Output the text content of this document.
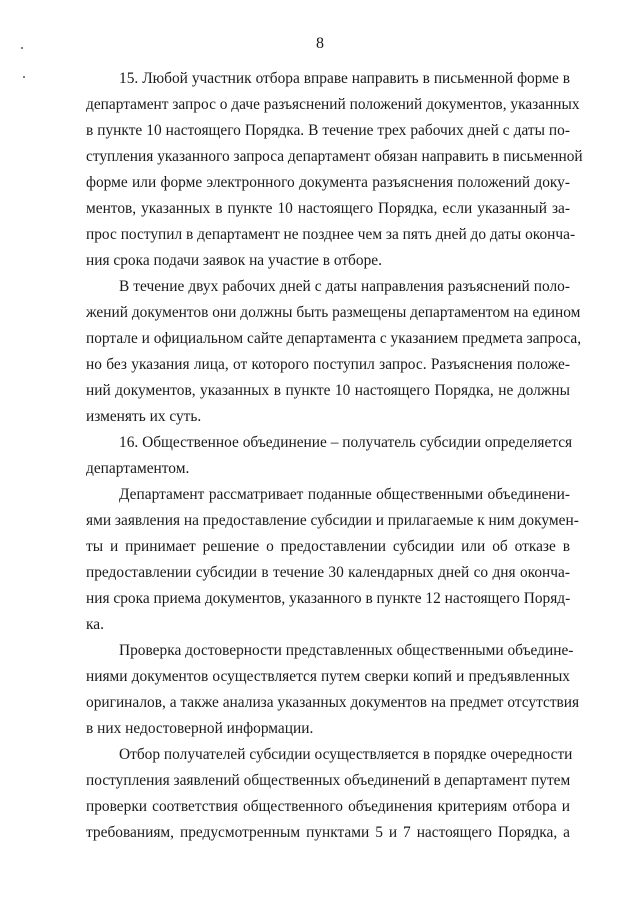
8
15. Любой участник отбора вправе направить в письменной форме в
департамент запрос о даче разъяснений положений документов, указанных
в пункте 10 настоящего Порядка. В течение трех рабочих дней с даты по-
ступления указанного запроса департамент обязан направить в письменной
форме или форме электронного документа разъяснения положений доку-
ментов, указанных в пункте 10 настоящего Порядка, если указанный за-
прос поступил в департамент не позднее чем за пять дней до даты оконча-
ния срока подачи заявок на участие в отборе.
В течение двух рабочих дней с даты направления разъяснений поло-
жений документов они должны быть размещены департаментом на едином
портале и официальном сайте департамента с указанием предмета запроса,
но без указания лица, от которого поступил запрос. Разъяснения положе-
ний документов, указанных в пункте 10 настоящего Порядка, не должны
изменять их суть.
16. Общественное объединение – получатель субсидии определяется
департаментом.
Департамент рассматривает поданные общественными объединени-
ями заявления на предоставление субсидии и прилагаемые к ним докумен-
ты и принимает решение о предоставлении субсидии или об отказе в
предоставлении субсидии в течение 30 календарных дней со дня оконча-
ния срока приема документов, указанного в пункте 12 настоящего Поряд-
ка.
Проверка достоверности представленных общественными объедине-
ниями документов осуществляется путем сверки копий и предъявленных
оригиналов, а также анализа указанных документов на предмет отсутствия
в них недостоверной информации.
Отбор получателей субсидии осуществляется в порядке очередности
поступления заявлений общественных объединений в департамент путем
проверки соответствия общественного объединения критериям отбора и
требованиям, предусмотренным пунктами 5 и 7 настоящего Порядка, а
